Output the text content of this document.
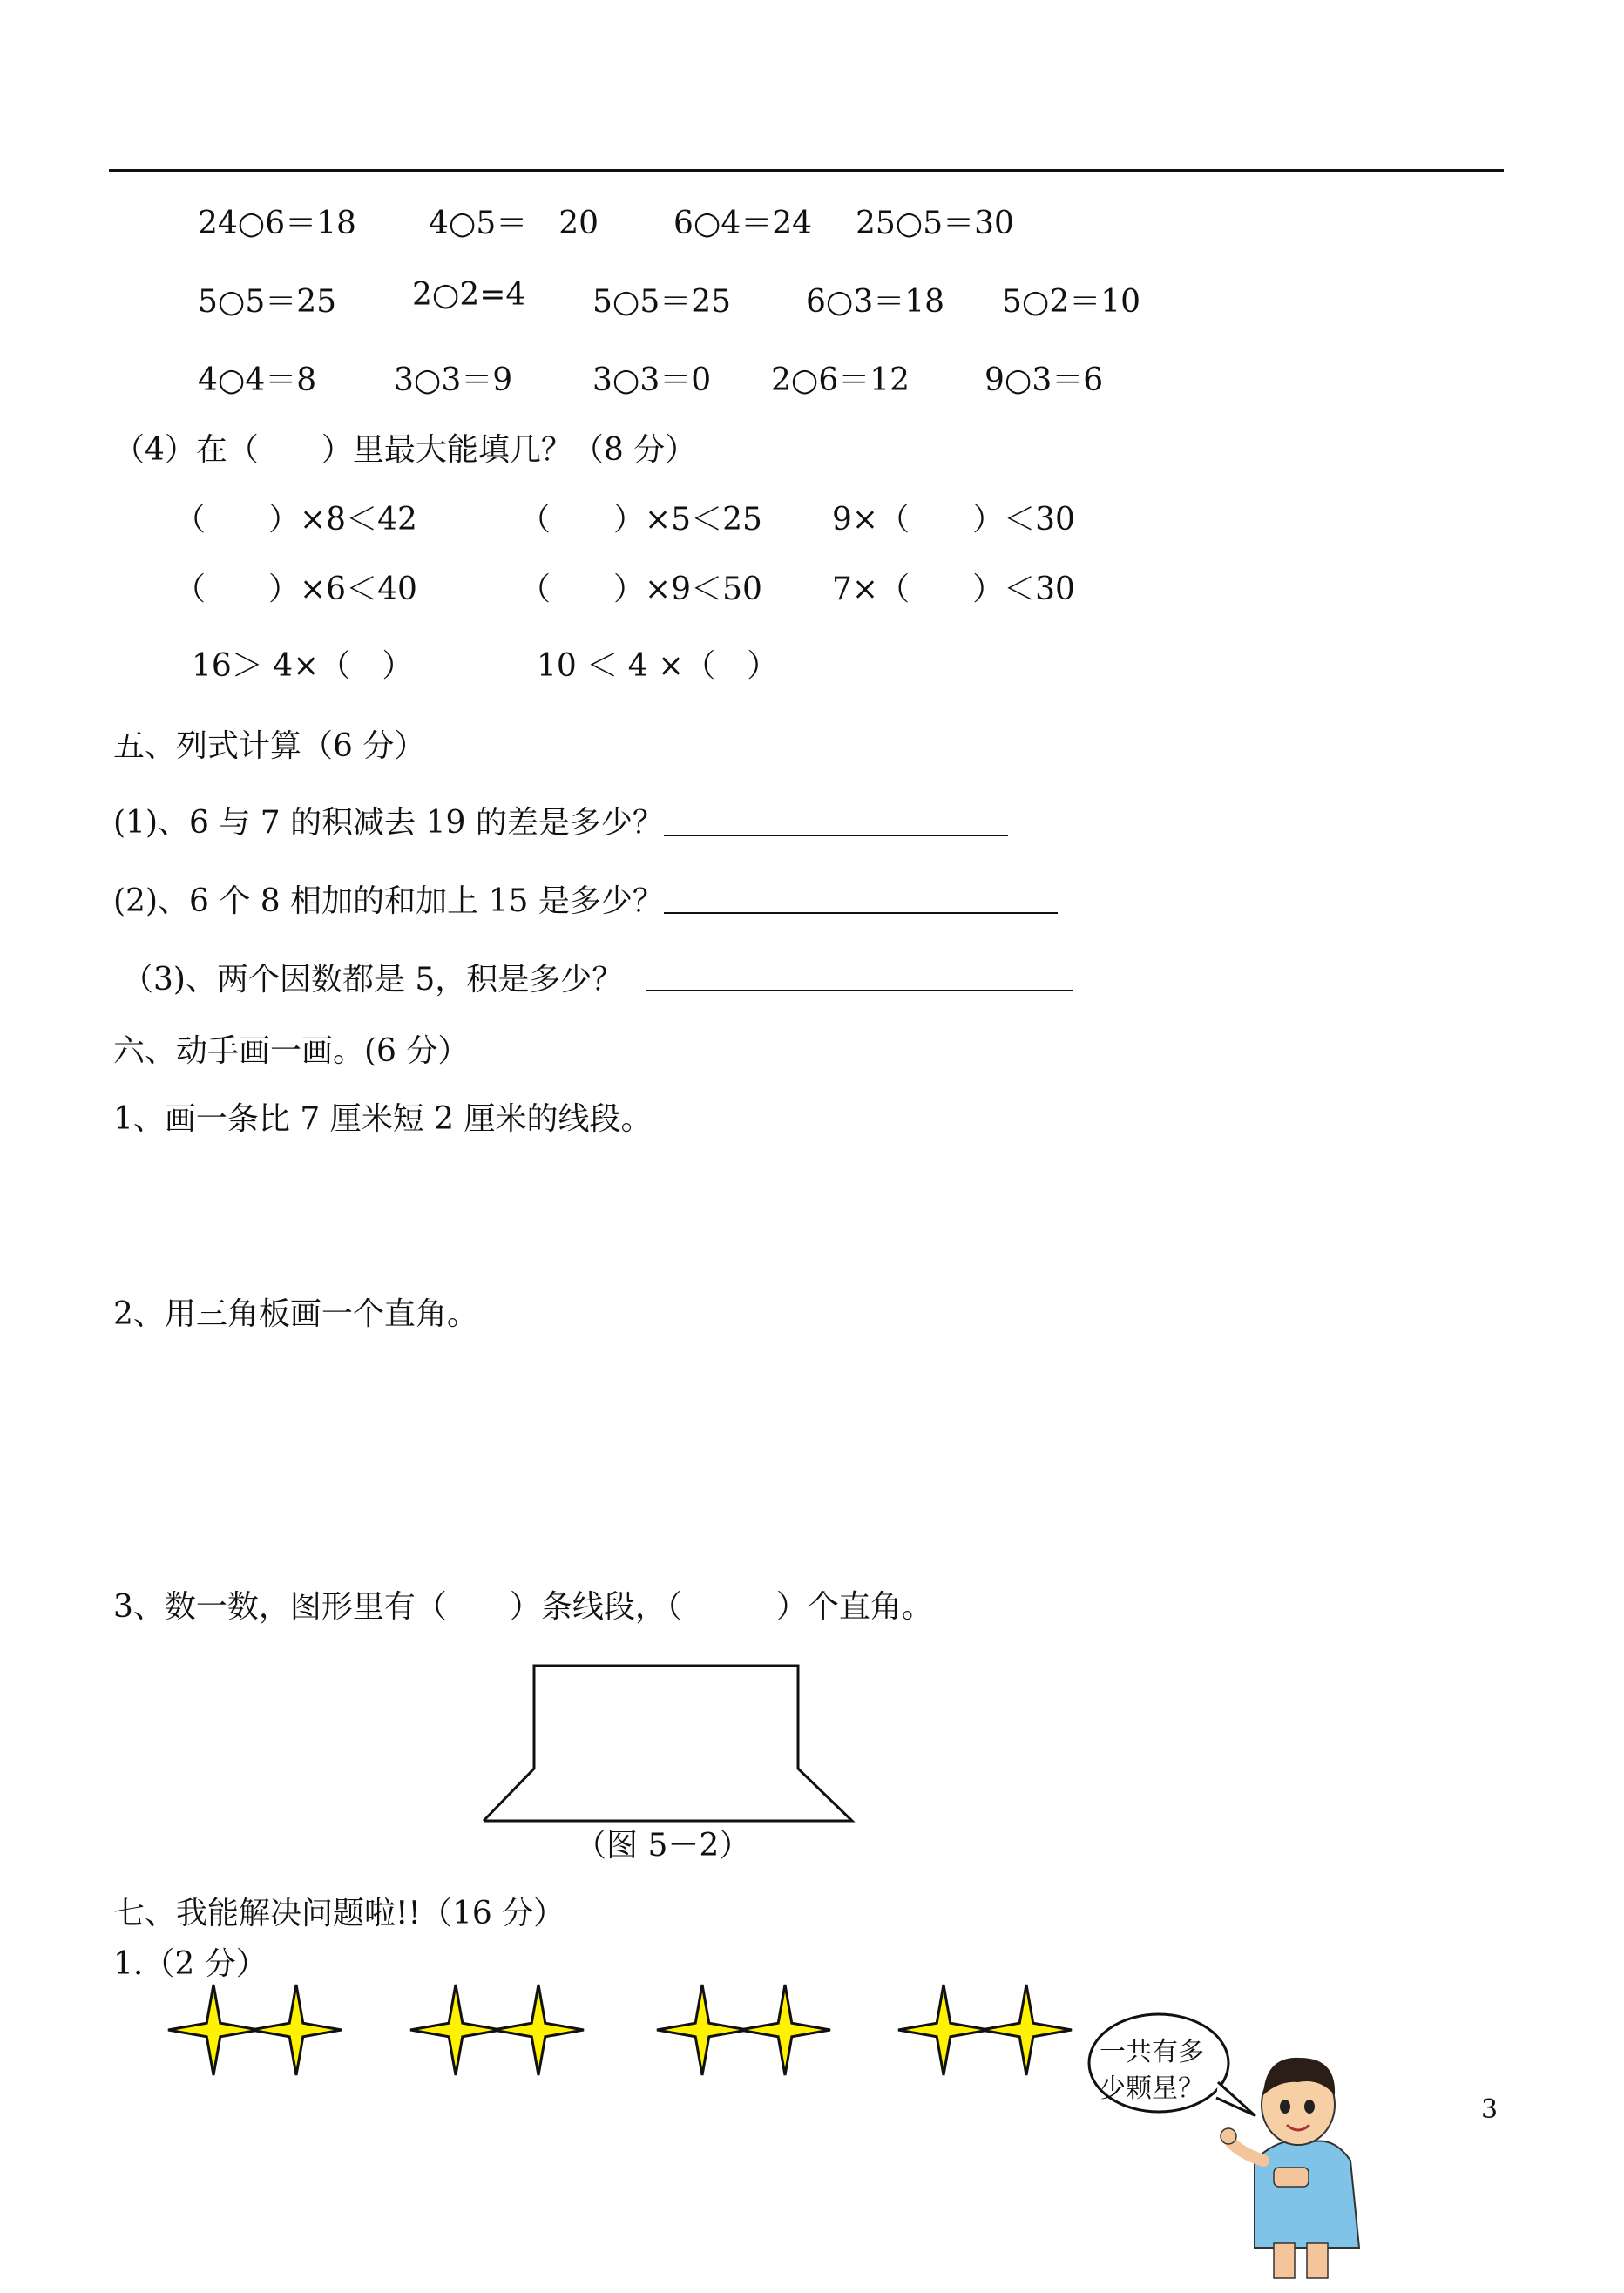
24○6＝18 4○5＝　20 6○4＝24 25○5＝30
5○5＝25 2○2=4 5○5＝25 6○3＝18 5○2＝10
4○4＝8 3○3＝9	3○3＝0 2○6＝12 9○3＝6
（4）在（　　）里最大能填几？（8 分）
（　　）×8＜42	（　　）×5＜25 9×（　　）＜30
（　　）×6＜40	（　　）×9＜50 7×（　　）＜30
16＞ 4×（　）	10 ＜ 4 ×（　）
五、列式计算（6 分）
(1)、6 与 7 的积减去 19 的差是多少？
(2)、6 个 8 相加的和加上 15 是多少？
（3)、两个因数都是 5，积是多少？
六、动手画一画。(6 分）
1、画一条比 7 厘米短 2 厘米的线段。
2、用三角板画一个直角。
3、数一数，图形里有（　　）条线段，（　　　）个直角。
（图 5－2）
七、我能解决问题啦!!（16 分）
1.（2 分）
一共有多
少颗星？
3
